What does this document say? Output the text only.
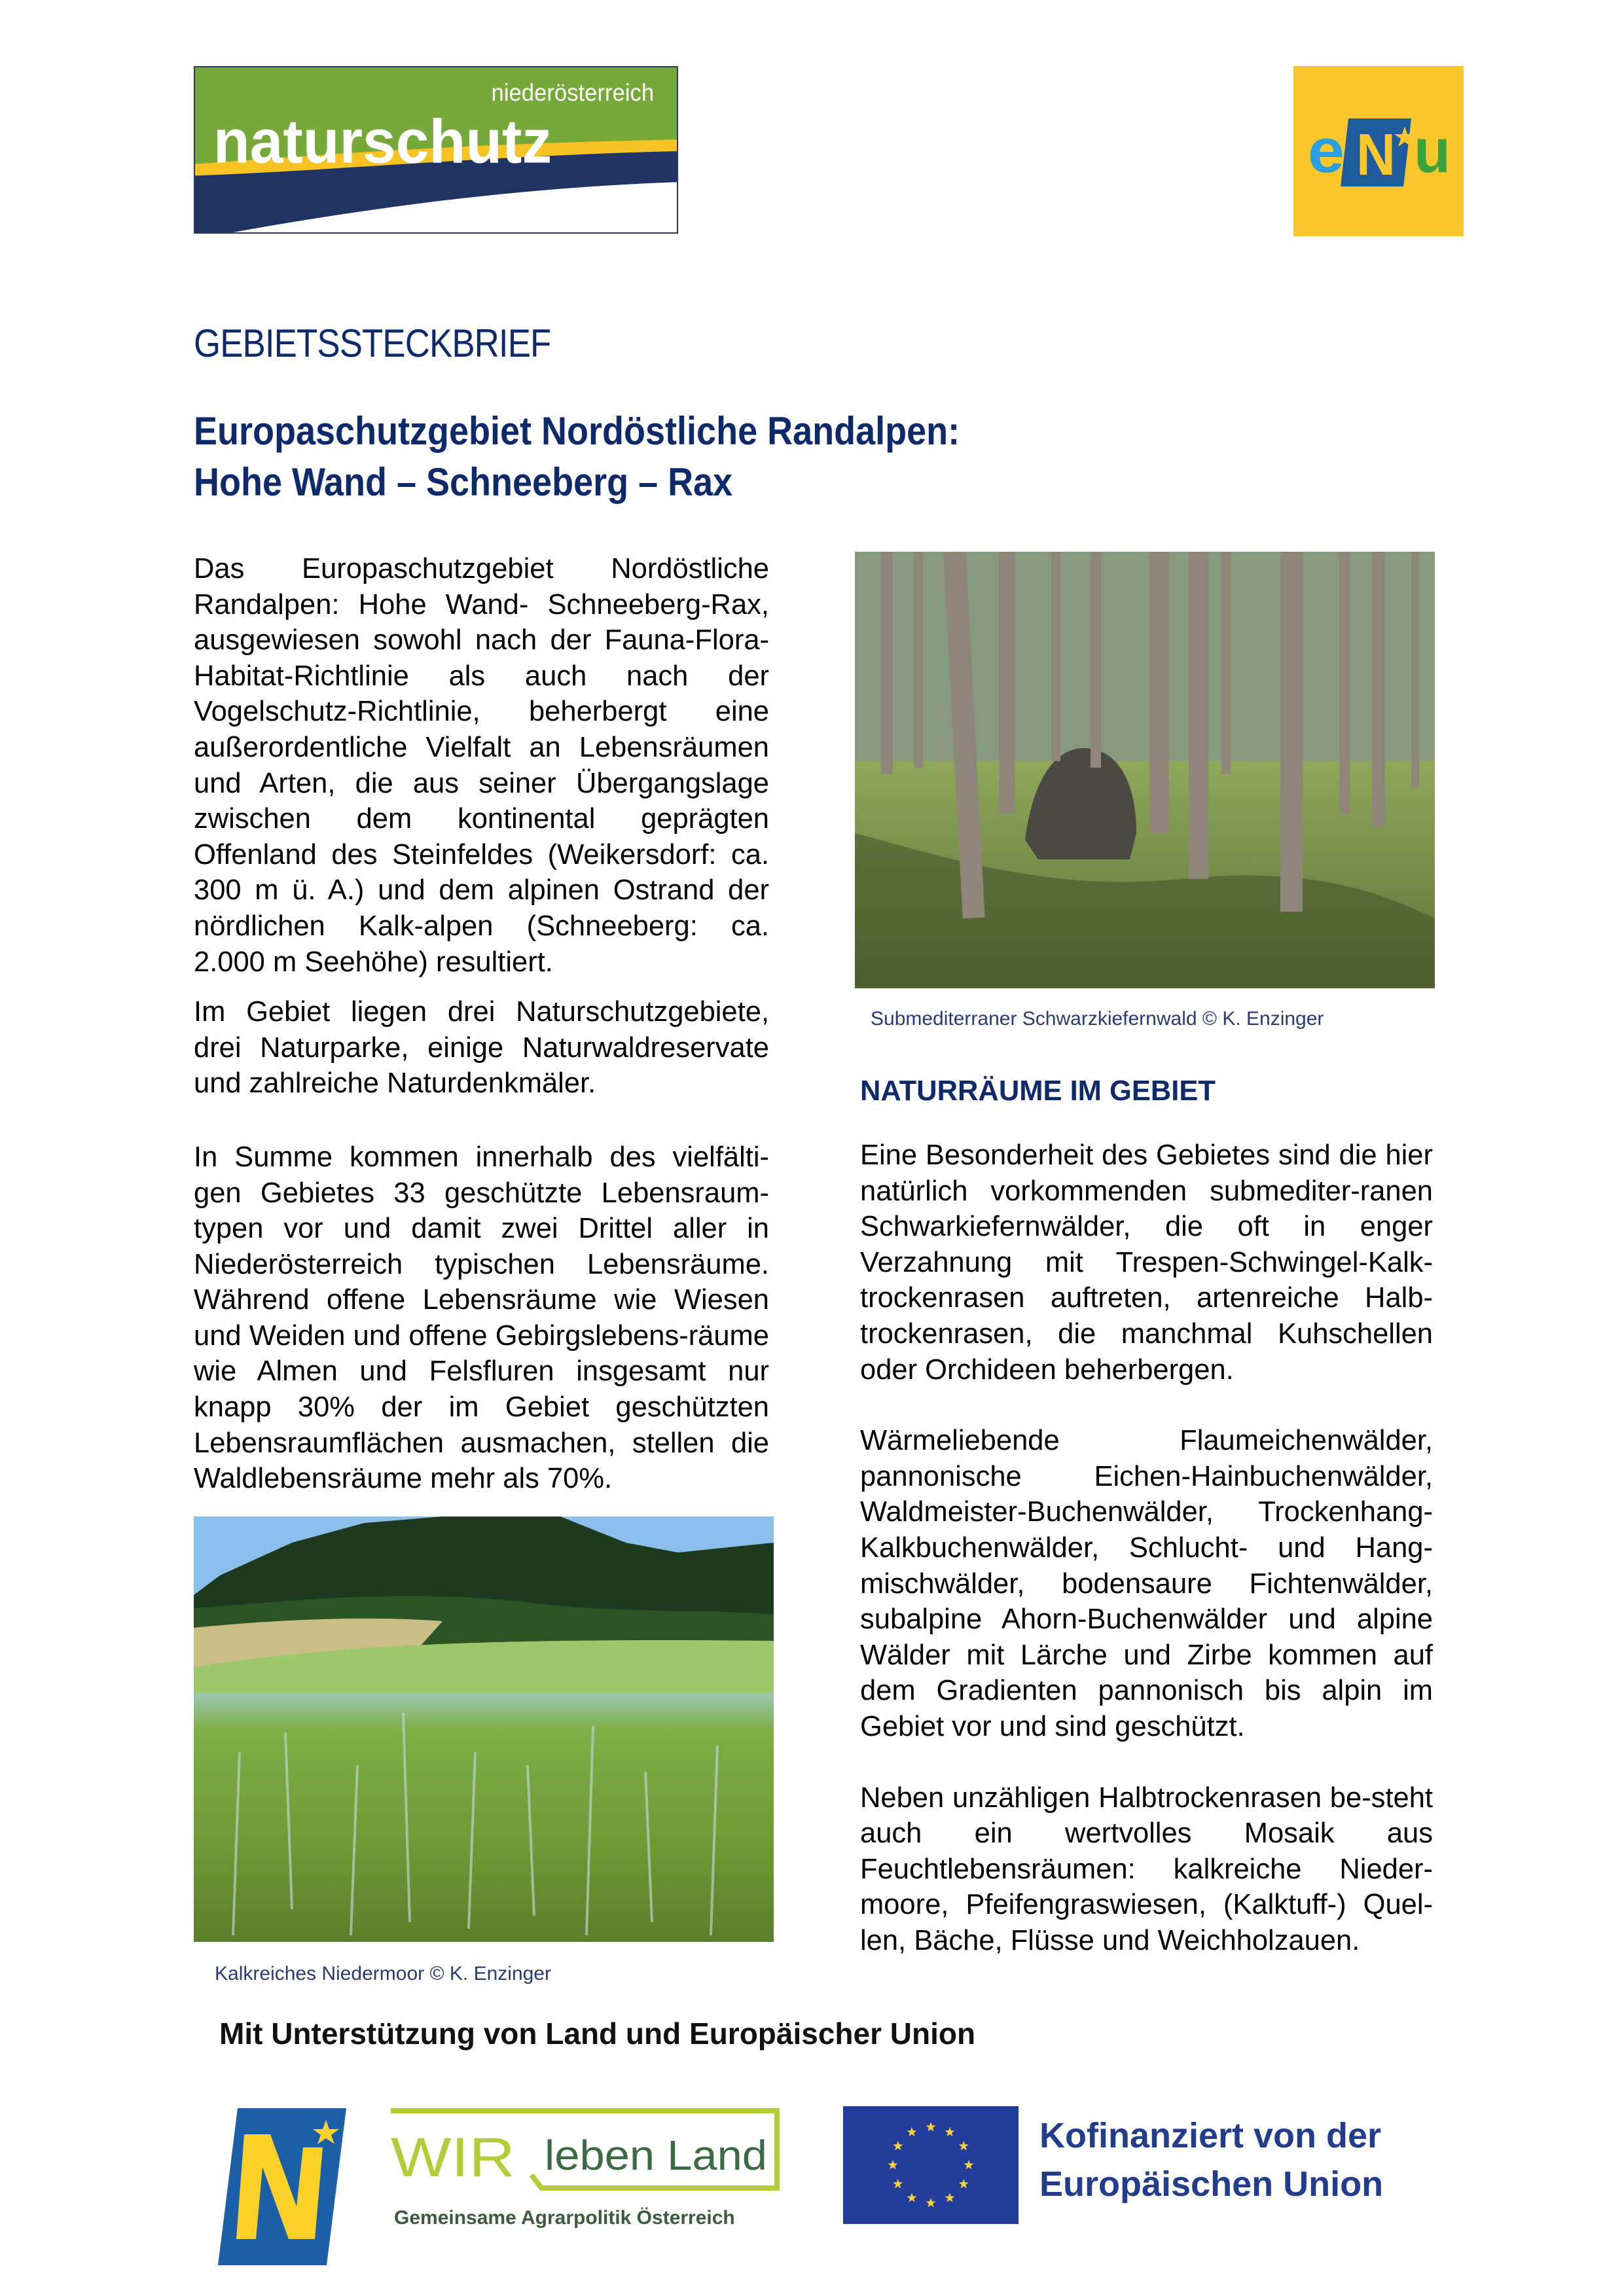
niederösterreich
naturschutz	e N u
GEBIETSSTECKBRIEF
Europaschutzgebiet Nordöstliche Randalpen:
Hohe Wand – Schneeberg – Rax

Das Europaschutzgebiet Nordöstliche Randalpen: Hohe Wand- Schneeberg-Rax, ausgewiesen sowohl nach der Fauna-Flora-Habitat-Richtlinie als auch nach der Vogelschutz-Richtlinie, beherbergt eine außerordentliche Vielfalt an Lebensräumen und Arten, die aus seiner Übergangslage zwischen dem kontinental geprägten Offenland des Steinfeldes (Weikersdorf: ca. 300 m ü. A.) und dem alpinen Ostrand der nördlichen Kalk-alpen (Schneeberg: ca. 2.000 m Seehöhe) resultiert.

Im Gebiet liegen drei Naturschutzgebiete, drei Naturparke, einige Naturwaldreservate und zahlreiche Naturdenkmäler.

In Summe kommen innerhalb des vielfälti-gen Gebietes 33 geschützte Lebensraum-typen vor und damit zwei Drittel aller in Niederösterreich typischen Lebensräume. Während offene Lebensräume wie Wiesen und Weiden und offene Gebirgslebens-räume wie Almen und Felsfluren insgesamt nur knapp 30% der im Gebiet geschützten Lebensraumflächen ausmachen, stellen die Waldlebensräume mehr als 70%.

Kalkreiches Niedermoor © K. Enzinger
Submediterraner Schwarzkiefernwald © K. Enzinger
NATURRÄUME IM GEBIET

Eine Besonderheit des Gebietes sind die hier natürlich vorkommenden submediter-ranen Schwarkiefernwälder, die oft in enger Verzahnung mit Trespen-Schwingel-Kalk-trockenrasen auftreten, artenreiche Halb-trockenrasen, die manchmal Kuhschellen oder Orchideen beherbergen.

Wärmeliebende Flaumeichenwälder, pannonische Eichen-Hainbuchenwälder, Waldmeister-Buchenwälder, Trockenhang-Kalkbuchenwälder, Schlucht- und Hang-mischwälder, bodensaure Fichtenwälder, subalpine Ahorn-Buchenwälder und alpine Wälder mit Lärche und Zirbe kommen auf dem Gradienten pannonisch bis alpin im Gebiet vor und sind geschützt.

Neben unzähligen Halbtrockenrasen be-steht auch ein wertvolles Mosaik aus Feuchtlebensräumen: kalkreiche Nieder-moore, Pfeifengraswiesen, (Kalktuff-) Quel-len, Bäche, Flüsse und Weichholzauen.

Mit Unterstützung von Land und Europäischer Union
WIR leben Land
Gemeinsame Agrarpolitik Österreich
Kofinanziert von der
Europäischen Union
